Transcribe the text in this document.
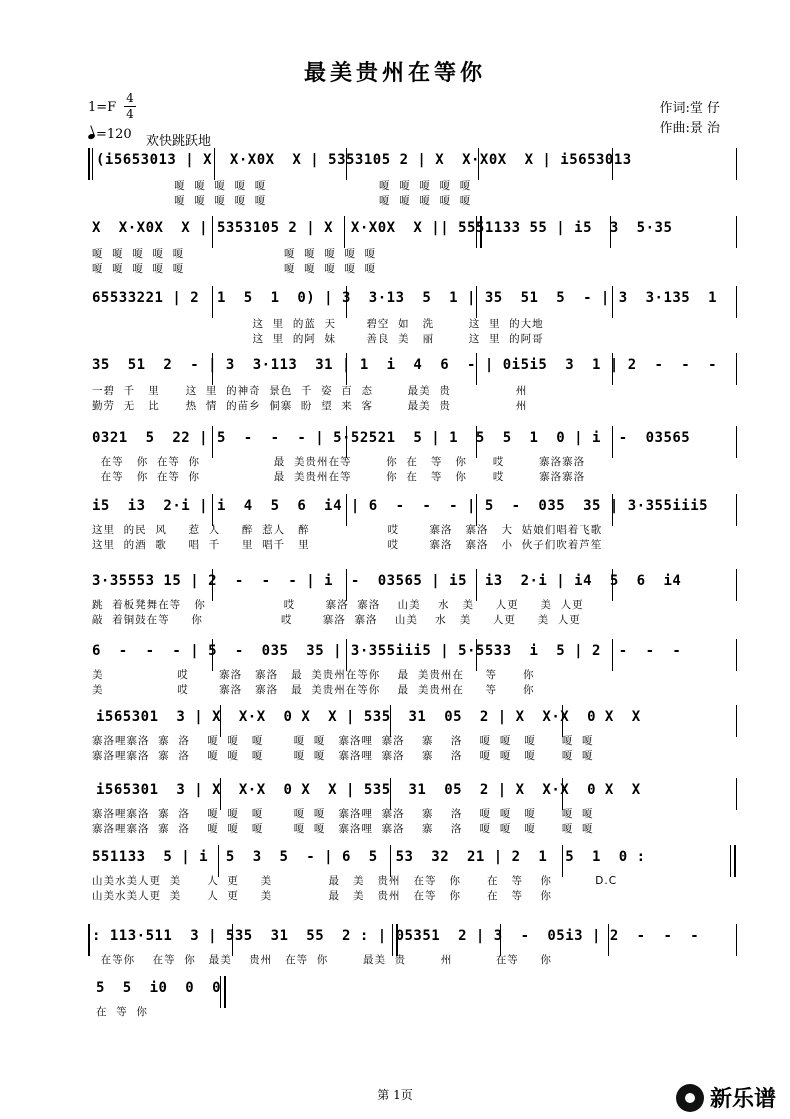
最美贵州在等你
1=F
4
4
=120 欢快跳跃地
作词:堂 仔
作曲:景 治
(i5653013 | X  X·X0X  X | 5353105 2 | X  X·X0X  X | i5653013
嗄  嗄  嗄  嗄  嗄                          嗄  嗄  嗄  嗄  嗄
嗄  嗄  嗄  嗄  嗄                          嗄  嗄  嗄  嗄  嗄
X  X·X0X  X | 5353105 2 | X  X·X0X  X || 5551133 55 | i5  3  5·35
嗄  嗄  嗄  嗄  嗄                       嗄  嗄  嗄  嗄  嗄
嗄  嗄  嗄  嗄  嗄                       嗄  嗄  嗄  嗄  嗄
65533221 | 2  1  5  1  0) | 3  3·13  5  1 | 35  51  5  - | 3  3·135  1
这  里  的蓝  天       碧空  如   洗        这  里  的大地
这  里  的阿  妹       善良  美   丽        这  里  的阿哥
35  51  2  - | 3  3·113  31 | 1  i  4  6  - | 0i5i5  3  1 | 2  -  -  -
一碧  千   里      这  里  的神奇  景色  千  姿  百  态        最美  贵               州
勤劳  无   比      热  情  的苗乡  侗寨  盼  望  来  客        最美  贵               州
0321  5  22 | 5  -  -  - | 5·52521  5 | 1  5  5  1  0 | i  -  03565
在等   你  在等  你                 最  美贵州在等        你  在   等   你      哎        寨洛寨洛
在等   你  在等  你                 最  美贵州在等        你  在   等   你      哎        寨洛寨洛
i5  i3  2·i | i  4  5  6  i4 | 6  -  -  - | 5  -  035  35 | 3·355iii5
这里  的民  风     惹  人     醉  惹人   醉                  哎       寨洛   寨洛   大  姑娘们唱着飞歌
这里  的酒  歌     唱  千     里  唱千   里                  哎       寨洛   寨洛   小  伙子们吹着芦笙
3·35553 15 | 2  -  -  - | i  -  03565 | i5  i3  2·i | i4  5  6  i4
跳  着板凳舞在等   你                  哎       寨洛  寨洛    山美    水   美     人更     美  人更
敲  着铜鼓在等     你                  哎       寨洛  寨洛    山美    水   美     人更     美  人更
6  -  -  - | 5  -  035  35 | 3·355iii5 | 5·5533  i  5 | 2  -  -  -
美                 哎       寨洛   寨洛   最  美贵州在等你    最  美贵州在     等      你
美                 哎       寨洛   寨洛   最  美贵州在等你    最  美贵州在     等      你
i565301  3 | X  X·X  0 X  X | 535  31  05  2 | X  X·X  0 X  X
寨洛哩寨洛  寨  洛    嗄  嗄   嗄       嗄  嗄   寨洛哩  寨洛    寨    洛    嗄  嗄   嗄      嗄  嗄
寨洛哩寨洛  寨  洛    嗄  嗄   嗄       嗄  嗄   寨洛哩  寨洛    寨    洛    嗄  嗄   嗄      嗄  嗄
i565301  3 | X  X·X  0 X  X | 535  31  05  2 | X  X·X  0 X  X
寨洛哩寨洛  寨  洛    嗄  嗄   嗄       嗄  嗄   寨洛哩  寨洛    寨    洛    嗄  嗄   嗄      嗄  嗄
寨洛哩寨洛  寨  洛    嗄  嗄   嗄       嗄  嗄   寨洛哩  寨洛    寨    洛    嗄  嗄   嗄      嗄  嗄
551133  5 | i  5  3  5  - | 6  5  53  32  21 | 2  1  5  1  0 :
山美水美人更  美      人  更     美             最   美   贵州   在等   你      在   等    你          D.C
山美水美人更  美      人  更     美             最   美   贵州   在等   你      在   等    你
: 113·511  3 | 535  31  55  2 : | 05351  2 | 3  -  05i3 | 2  -  -  -
在等你    在等  你   最美    贵州   在等  你        最美  贵        州          在等     你
5  5  i0  0  0
在  等  你
第 1页	新乐谱
